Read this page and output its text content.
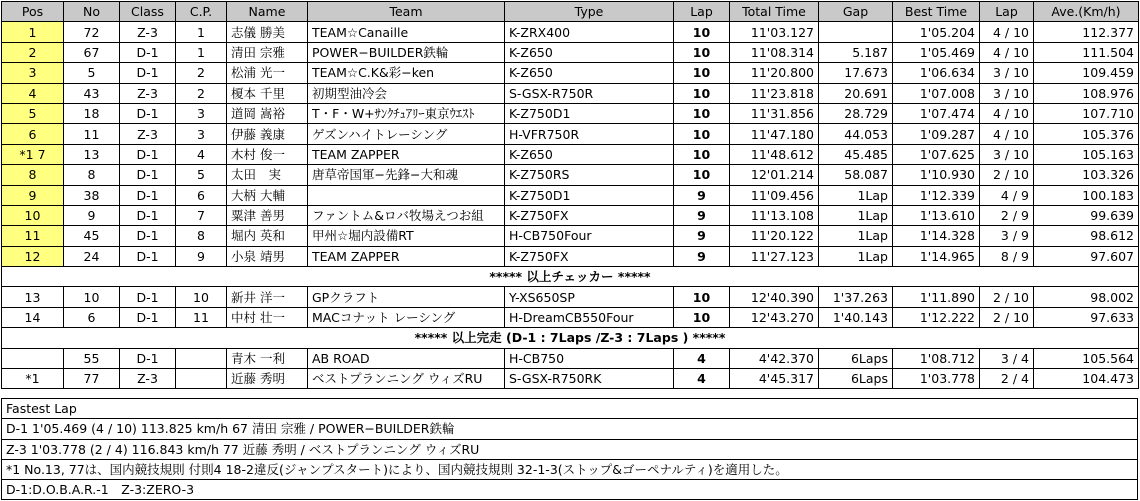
Pos	No	Class	C.P.	Name	Team	Type	Lap	Total Time	Gap	Best Time	Lap	Ave.(Km/h)
1	72	Z-3	1	志儀 勝美	TEAM☆Canaille	K-ZRX400	10	11'03.127		1'05.204	4 / 10	112.377
2	67	D-1	1	清田 宗雅	POWER−BUILDER鉄輪	K-Z650	10	11'08.314	5.187	1'05.469	4 / 10	111.504
3	5	D-1	2	松浦 光一	TEAM☆C.K&彩−ken	K-Z650	10	11'20.800	17.673	1'06.634	3 / 10	109.459
4	43	Z-3	2	榎本 千里	初期型油冷会	S-GSX-R750R	10	11'23.818	20.691	1'07.008	3 / 10	108.976
5	18	D-1	3	道岡 嵩裕	T・F・W+ｻﾝｸﾁｭｱﾘｰ東京ｳｴｽﾄ	K-Z750D1	10	11'31.856	28.729	1'07.474	4 / 10	107.710
6	11	Z-3	3	伊藤 義康	ゲズンハイトレーシング	H-VFR750R	10	11'47.180	44.053	1'09.287	4 / 10	105.376
*1 7	13	D-1	4	木村 俊一	TEAM ZAPPER	K-Z650	10	11'48.612	45.485	1'07.625	3 / 10	105.163
8	8	D-1	5	太田　実	唐草帝国軍−先鋒−大和魂	K-Z750RS	10	12'01.214	58.087	1'10.930	2 / 10	103.326
9	38	D-1	6	大柄 大輔		K-Z750D1	9	11'09.456	1Lap	1'12.339	4 / 9	100.183
10	9	D-1	7	粟津 善男	ファントム&ロバ牧場えつお組	K-Z750FX	9	11'13.108	1Lap	1'13.610	2 / 9	99.639
11	45	D-1	8	堀内 英和	甲州☆堀内設備RT	H-CB750Four	9	11'20.122	1Lap	1'14.328	3 / 9	98.612
12	24	D-1	9	小泉 靖男	TEAM ZAPPER	K-Z750FX	9	11'27.123	1Lap	1'14.965	8 / 9	97.607
***** 以上チェッカー *****												
13	10	D-1	10	新井 洋一	GPクラフト	Y-XS650SP	10	12'40.390	1'37.263	1'11.890	2 / 10	98.002
14	6	D-1	11	中村 壮一	MACコナット レーシング	H-DreamCB550Four	10	12'43.270	1'40.143	1'12.222	2 / 10	97.633
***** 以上完走 (D-1 : 7Laps /Z-3 : 7Laps ) *****												
	55	D-1		青木 一利	AB ROAD	H-CB750	4	4'42.370	6Laps	1'08.712	3 / 4	105.564
*1	77	Z-3		近藤 秀明	ベストプランニング ウィズRU	S-GSX-R750RK	4	4'45.317	6Laps	1'03.778	2 / 4	104.473
Fastest Lap
D-1 1'05.469 (4 / 10) 113.825 km/h 67 清田 宗雅 / POWER−BUILDER鉄輪
Z-3 1'03.778 (2 / 4) 116.843 km/h 77 近藤 秀明 / ベストプランニング ウィズRU
*1 No.13, 77は、国内競技規則 付則4 18-2違反(ジャンプスタート)により、国内競技規則 32-1-3(ストップ&ゴーペナルティ)を適用した。
D-1:D.O.B.A.R.-1　Z-3:ZERO-3
